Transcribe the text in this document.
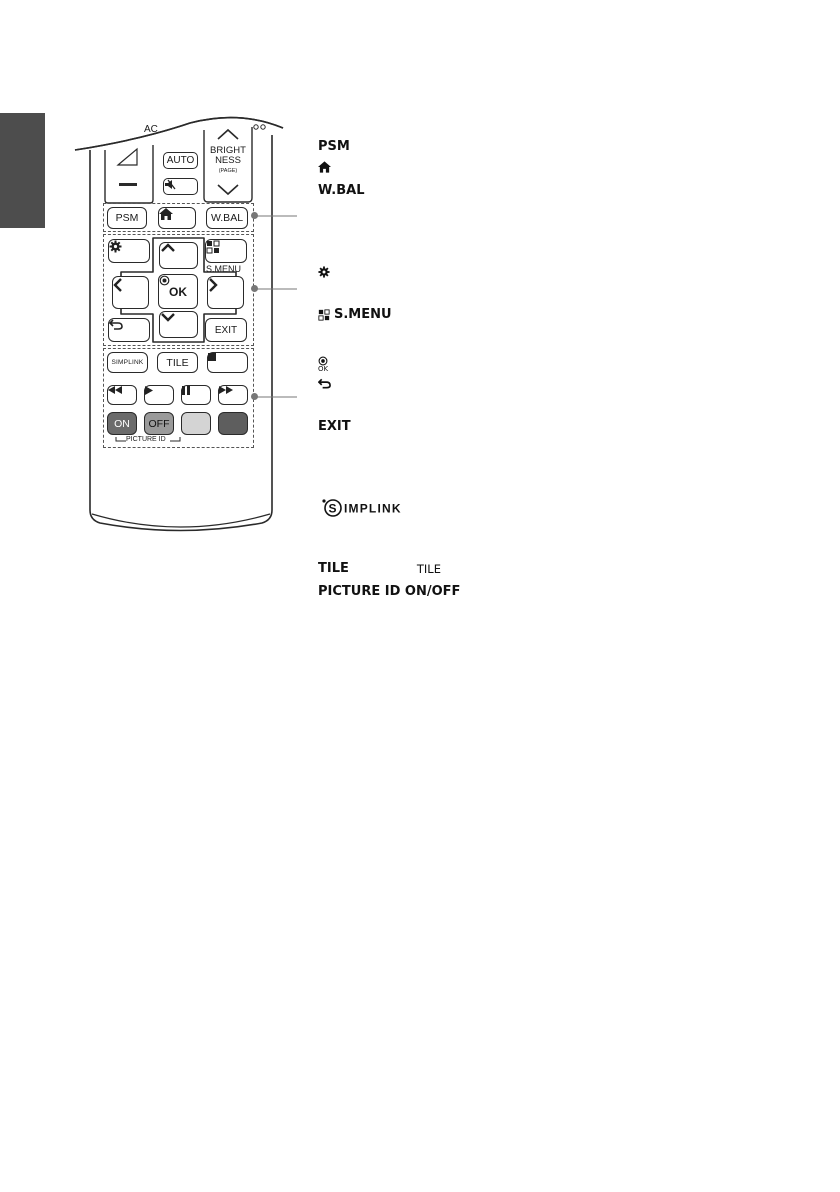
AC
AUTO
BRIGHT
NESS
(PAGE)
PSM	W.BAL
S.MENU
OK
EXIT
SIMPLINK	TILE
ON	OFF
PICTURE ID
PSM
W.BAL
S.MENU
OK
EXIT
S IMPLINK
TILE	TILE
PICTURE ID ON/OFF
